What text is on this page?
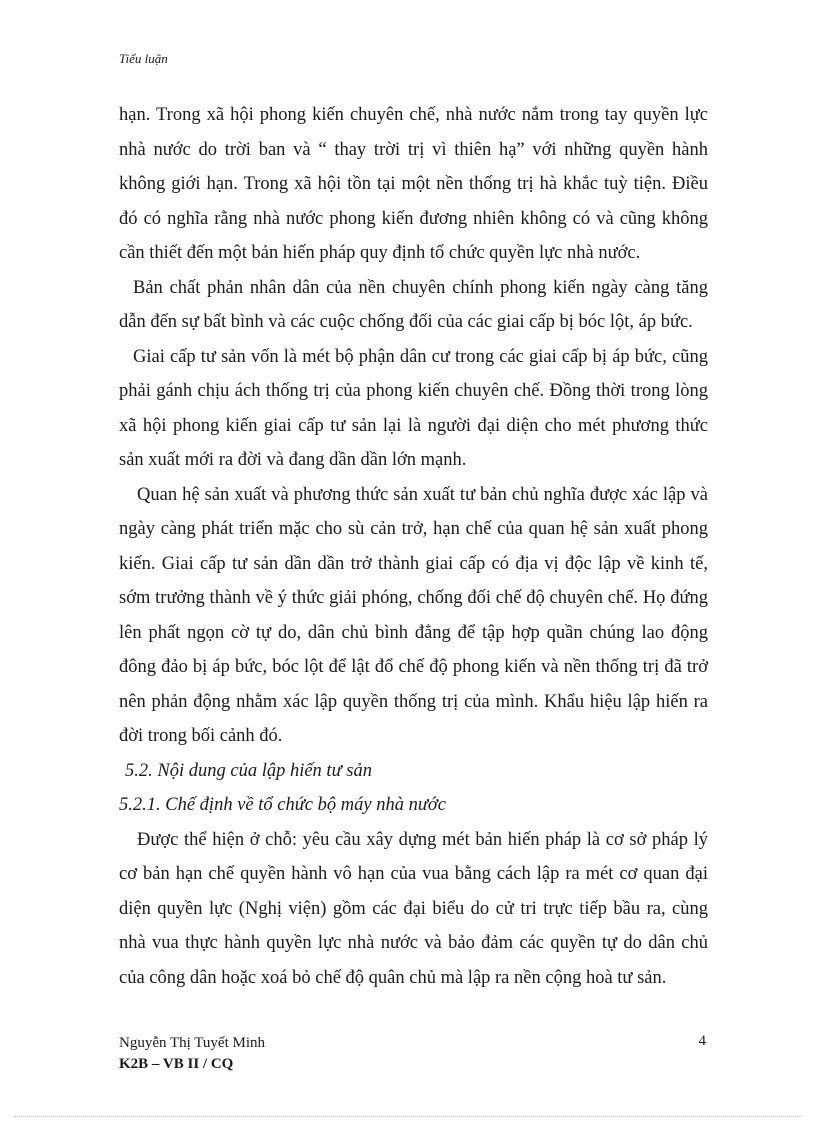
Tiểu luận

hạn. Trong xã hội phong kiến chuyên chế, nhà nước nắm trong tay quyền lực nhà nước do trời ban và “ thay trời trị vì thiên hạ” với những quyền hành không giới hạn. Trong xã hội tồn tại một nền thống trị hà khắc tuỳ tiện. Điều đó có nghĩa rằng nhà nước phong kiến đương nhiên không có và cũng không cần thiết đến một bản hiến pháp quy định tổ chức quyền lực nhà nước.

Bản chất phản nhân dân của nền chuyên chính phong kiến ngày càng tăng dẫn đến sự bất bình và các cuộc chống đối của các giai cấp bị bóc lột, áp bức.

Giai cấp tư sản vốn là mét bộ phận dân cư trong các giai cấp bị áp bức, cũng phải gánh chịu ách thống trị của phong kiến chuyên chế. Đồng thời trong lòng xã hội phong kiến giai cấp tư sản lại là người đại diện cho mét phương thức sản xuất mới ra đời và đang dần dần lớn mạnh.

Quan hệ sản xuất và phương thức sản xuất tư bản chủ nghĩa được xác lập và ngày càng phát triển mặc cho sù cản trở, hạn chế của quan hệ sản xuất phong kiến. Giai cấp tư sản dần dần trở thành giai cấp có địa vị độc lập về kinh tế, sớm trưởng thành về ý thức giải phóng, chống đối chế độ chuyên chế. Họ đứng lên phất ngọn cờ tự do, dân chủ bình đẳng để tập hợp quần chúng lao động đông đảo bị áp bức, bóc lột để lật đổ chế độ phong kiến và nền thống trị đã trở nên phản động nhằm xác lập quyền thống trị của mình. Khẩu hiệu lập hiến ra đời trong bối cảnh đó.

5.2. Nội dung của lập hiến tư sản

5.2.1. Chế định về tổ chức bộ máy nhà nước

Được thể hiện ở chỗ: yêu cầu xây dựng mét bản hiến pháp là cơ sở pháp lý cơ bản hạn chế quyền hành vô hạn của vua bằng cách lập ra mét cơ quan đại diện quyền lực (Nghị viện) gồm các đại biểu do cử tri trực tiếp bầu ra, cùng nhà vua thực hành quyền lực nhà nước và bảo đảm các quyền tự do dân chủ của công dân hoặc xoá bỏ chế độ quân chủ mà lập ra nền cộng hoà tư sản.

Nguyễn Thị Tuyết Minh
K2B – VB II / CQ
4
